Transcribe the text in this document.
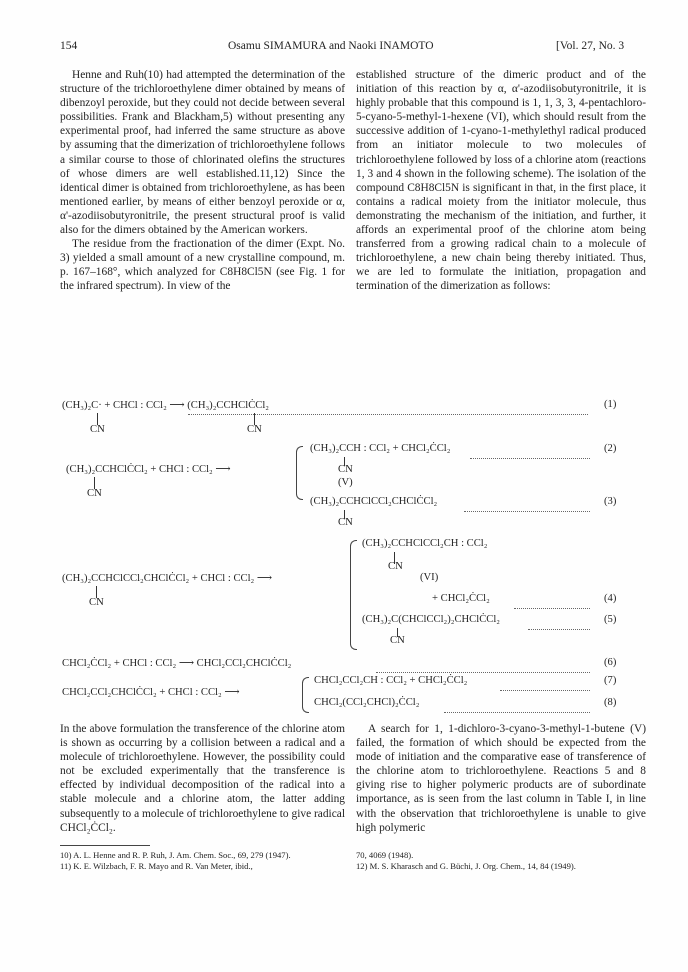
154	Osamu SIMAMURA and Naoki INAMOTO	[Vol. 27, No. 3

Henne and Ruh(10) had attempted the determination of the structure of the trichloroethylene dimer obtained by means of dibenzoyl peroxide, but they could not decide between several possibilities. Frank and Blackham,5) without presenting any experimental proof, had inferred the same structure as above by assuming that the dimerization of trichloroethylene follows a similar course to those of chlorinated olefins the structures of whose dimers are well established.11,12) Since the identical dimer is obtained from trichloroethylene, as has been mentioned earlier, by means of either benzoyl peroxide or α, α'-azodiisobutyronitrile, the present structural proof is valid also for the dimers obtained by the American workers.

The residue from the fractionation of the dimer (Expt. No. 3) yielded a small amount of a new crystalline compound, m. p. 167–168°, which analyzed for C8H8Cl5N (see Fig. 1 for the infrared spectrum). In view of the

established structure of the dimeric product and of the initiation of this reaction by α, α'-azodiisobutyronitrile, it is highly probable that this compound is 1, 1, 3, 3, 4-pentachloro-5-cyano-5-methyl-1-hexene (VI), which should result from the successive addition of 1-cyano-1-methylethyl radical produced from an initiator molecule to two molecules of trichloroethylene followed by loss of a chlorine atom (reactions 1, 3 and 4 shown in the following scheme). The isolation of the compound C8H8Cl5N is significant in that, in the first place, it contains a radical moiety from the initiator molecule, thus demonstrating the mechanism of the initiation, and further, it affords an experimental proof of the chlorine atom being transferred from a growing radical chain to a molecule of trichloroethylene, a new chain being thereby initiated. Thus, we are led to formulate the initiation, propagation and termination of the dimerization as follows:

(CH₃)₂C· + CHCl : CCl₂ ⟶ (CH₃)₂CCHClĊCl₂	(1)
CN	CN
(CH₃)₂CCHClĊCl₂ + CHCl : CCl₂ ⟶
CN
(CH₃)₂CCH : CCl₂ + CHCl₂ĊCl₂	(2)
CN
(V)
(CH₃)₂CCHClCCl₂CHClĊCl₂	(3)
CN
(CH₃)₂CCHClCCl₂CHClĊCl₂ + CHCl : CCl₂ ⟶
CN
(CH₃)₂CCHClCCl₂CH : CCl₂
CN
(VI)
+ CHCl₂ĊCl₂	(4)
(CH₃)₂C(CHClCCl₂)₂CHClĊCl₂	(5)
CN
CHCl₂ĊCl₂ + CHCl : CCl₂ ⟶ CHCl₂CCl₂CHClĊCl₂	(6)
CHCl₂CCl₂CHClĊCl₂ + CHCl : CCl₂ ⟶
CHCl₂CCl₂CH : CCl₂ + CHCl₂ĊCl₂	(7)
CHCl₂(CCl₂CHCl)₂ĊCl₂	(8)

In the above formulation the transference of the chlorine atom is shown as occurring by a collision between a radical and a molecule of trichloroethylene. However, the possibility could not be excluded experimentally that the transference is effected by individual decomposition of the radical into a stable molecule and a chlorine atom, the latter adding subsequently to a molecule of trichloroethylene to give radical CHCl₂ĊCl₂.

A search for 1, 1-dichloro-3-cyano-3-methyl-1-butene (V) failed, the formation of which should be expected from the mode of initiation and the comparative ease of transference of the chlorine atom to trichloroethylene. Reactions 5 and 8 giving rise to higher polymeric products are of subordinate importance, as is seen from the last column in Table I, in line with the observation that trichloroethylene is unable to give high polymeric

10) A. L. Henne and R. P. Ruh, J. Am. Chem. Soc., 69, 279 (1947).

11) K. E. Wilzbach, F. R. Mayo and R. Van Meter, ibid.,

70, 4069 (1948).

12) M. S. Kharasch and G. Büchi, J. Org. Chem., 14, 84 (1949).
